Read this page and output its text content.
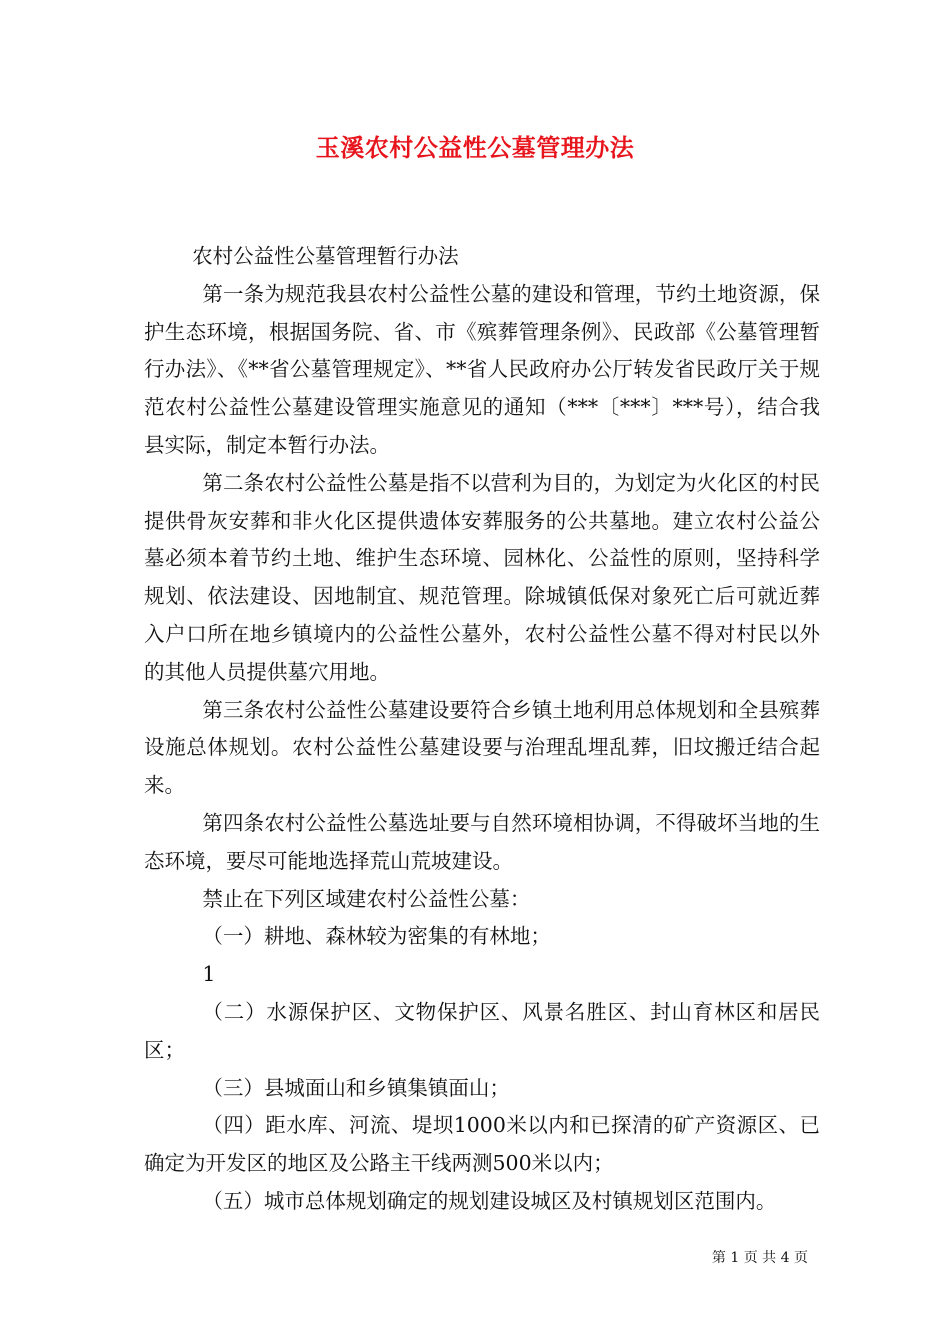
玉溪农村公益性公墓管理办法

农村公益性公墓管理暂行办法

第一条为规范我县农村公益性公墓的建设和管理，节约土地资源，保护生态环境，根据国务院、省、市《殡葬管理条例》、民政部《公墓管理暂行办法》、《**省公墓管理规定》、**省人民政府办公厅转发省民政厅关于规范农村公益性公墓建设管理实施意见的通知（***〔***〕***号），结合我县实际，制定本暂行办法。

第二条农村公益性公墓是指不以营利为目的，为划定为火化区的村民提供骨灰安葬和非火化区提供遗体安葬服务的公共墓地。建立农村公益公墓必须本着节约土地、维护生态环境、园林化、公益性的原则，坚持科学规划、依法建设、因地制宜、规范管理。除城镇低保对象死亡后可就近葬入户口所在地乡镇境内的公益性公墓外，农村公益性公墓不得对村民以外的其他人员提供墓穴用地。

第三条农村公益性公墓建设要符合乡镇土地利用总体规划和全县殡葬设施总体规划。农村公益性公墓建设要与治理乱埋乱葬，旧坟搬迁结合起来。

第四条农村公益性公墓选址要与自然环境相协调，不得破坏当地的生态环境，要尽可能地选择荒山荒坡建设。

禁止在下列区域建农村公益性公墓：

（一）耕地、森林较为密集的有林地；

1

（二）水源保护区、文物保护区、风景名胜区、封山育林区和居民区；

（三）县城面山和乡镇集镇面山；

（四）距水库、河流、堤坝1000米以内和已探清的矿产资源区、已确定为开发区的地区及公路主干线两测500米以内；

（五）城市总体规划确定的规划建设城区及村镇规划区范围内。

第 1 页 共 4 页
